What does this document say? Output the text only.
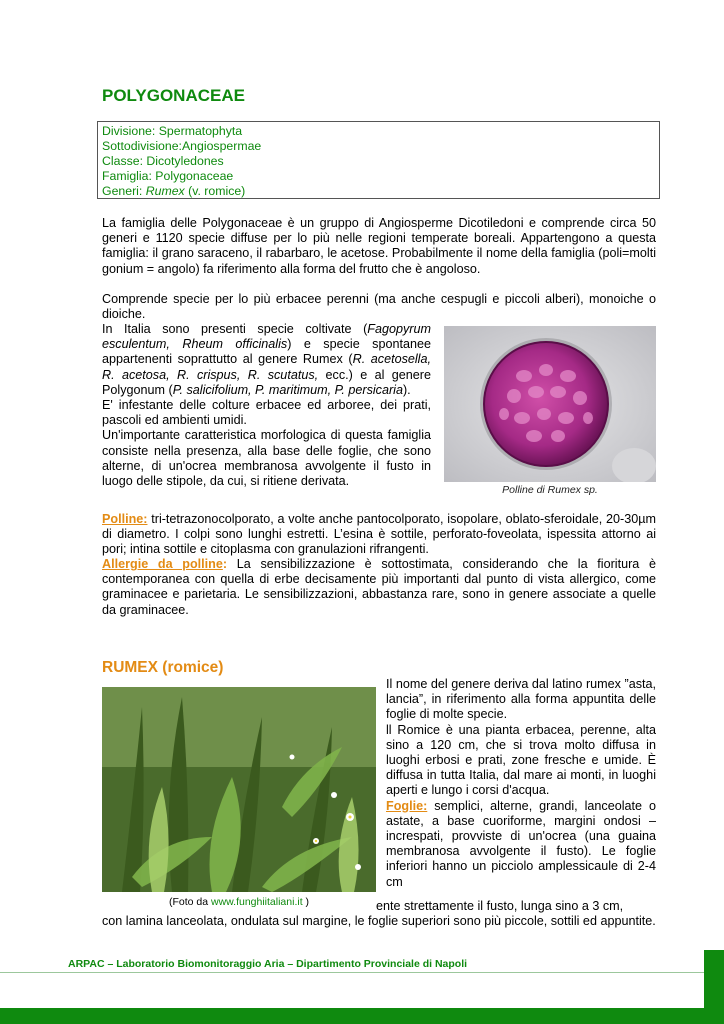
POLYGONACEAE
Divisione: Spermatophyta
Sottodivisione:Angiospermae
Classe: Dicotyledones
Famiglia: Polygonaceae
Generi: Rumex (v. romice)
La famiglia delle Polygonaceae è un gruppo di Angiosperme Dicotiledoni e comprende circa 50 generi e 1120 specie diffuse per lo più nelle regioni temperate boreali. Appartengono a questa famiglia: il grano saraceno, il rabarbaro, le acetose. Probabilmente il nome della famiglia (poli=molti gonium = angolo) fa riferimento alla forma del frutto che è angoloso.
Comprende specie per lo più erbacee perenni (ma anche cespugli e piccoli alberi), monoiche o dioiche.
In Italia sono presenti specie coltivate (Fagopyrum esculentum, Rheum officinalis) e specie spontanee appartenenti soprattutto al genere Rumex (R. acetosella, R. acetosa, R. crispus, R. scutatus, ecc.) e al genere Polygonum (P. salicifolium, P. maritimum, P. persicaria).
E' infestante delle colture erbacee ed arboree, dei prati, pascoli ed ambienti umidi.
Un'importante caratteristica morfologica di questa famiglia consiste nella presenza, alla base delle foglie, che sono alterne, di un'ocrea membranosa avvolgente il fusto in luogo delle stipole, da cui, si ritiene derivata.
Polline di Rumex sp.
Polline: tri-tetrazonocolporato, a volte anche pantocolporato, isopolare, oblato-sferoidale, 20-30µm di diametro. I colpi sono lunghi estretti. L’esina è sottile, perforato-foveolata, ispessita attorno ai pori; intina sottile e citoplasma con granulazioni rifrangenti.
Allergie da polline: La sensibilizzazione è sottostimata, considerando che la fioritura è contemporanea con quella di erbe decisamente più importanti dal punto di vista allergico, come graminacee e parietaria. Le sensibilizzazioni, abbastanza rare, sono in genere associate a quelle da graminacee.
RUMEX (romice)
(Foto da www.funghiitaliani.it )
Il nome del genere deriva dal latino rumex ”asta, lancia”, in riferimento alla forma appuntita delle foglie di molte specie.
ll Romice è una pianta erbacea, perenne, alta sino a 120 cm, che si trova molto diffusa in luoghi erbosi e prati, zone fresche e umide. È diffusa in tutta Italia, dal mare ai monti, in luoghi aperti e lungo i corsi d'acqua.
Foglie: semplici, alterne, grandi, lanceolate o astate, a base cuoriforme, margini ondosi –increspati, provviste di un'ocrea (una guaina membranosa avvolgente il fusto). Le foglie inferiori hanno un picciolo amplessicaule di 2-4 cm
ente strettamente il fusto, lunga sino a 3 cm,
con lamina lanceolata, ondulata sul margine, le foglie superiori sono più piccole, sottili ed appuntite.
ARPAC – Laboratorio Biomonitoraggio Aria – Dipartimento Provinciale di Napoli
